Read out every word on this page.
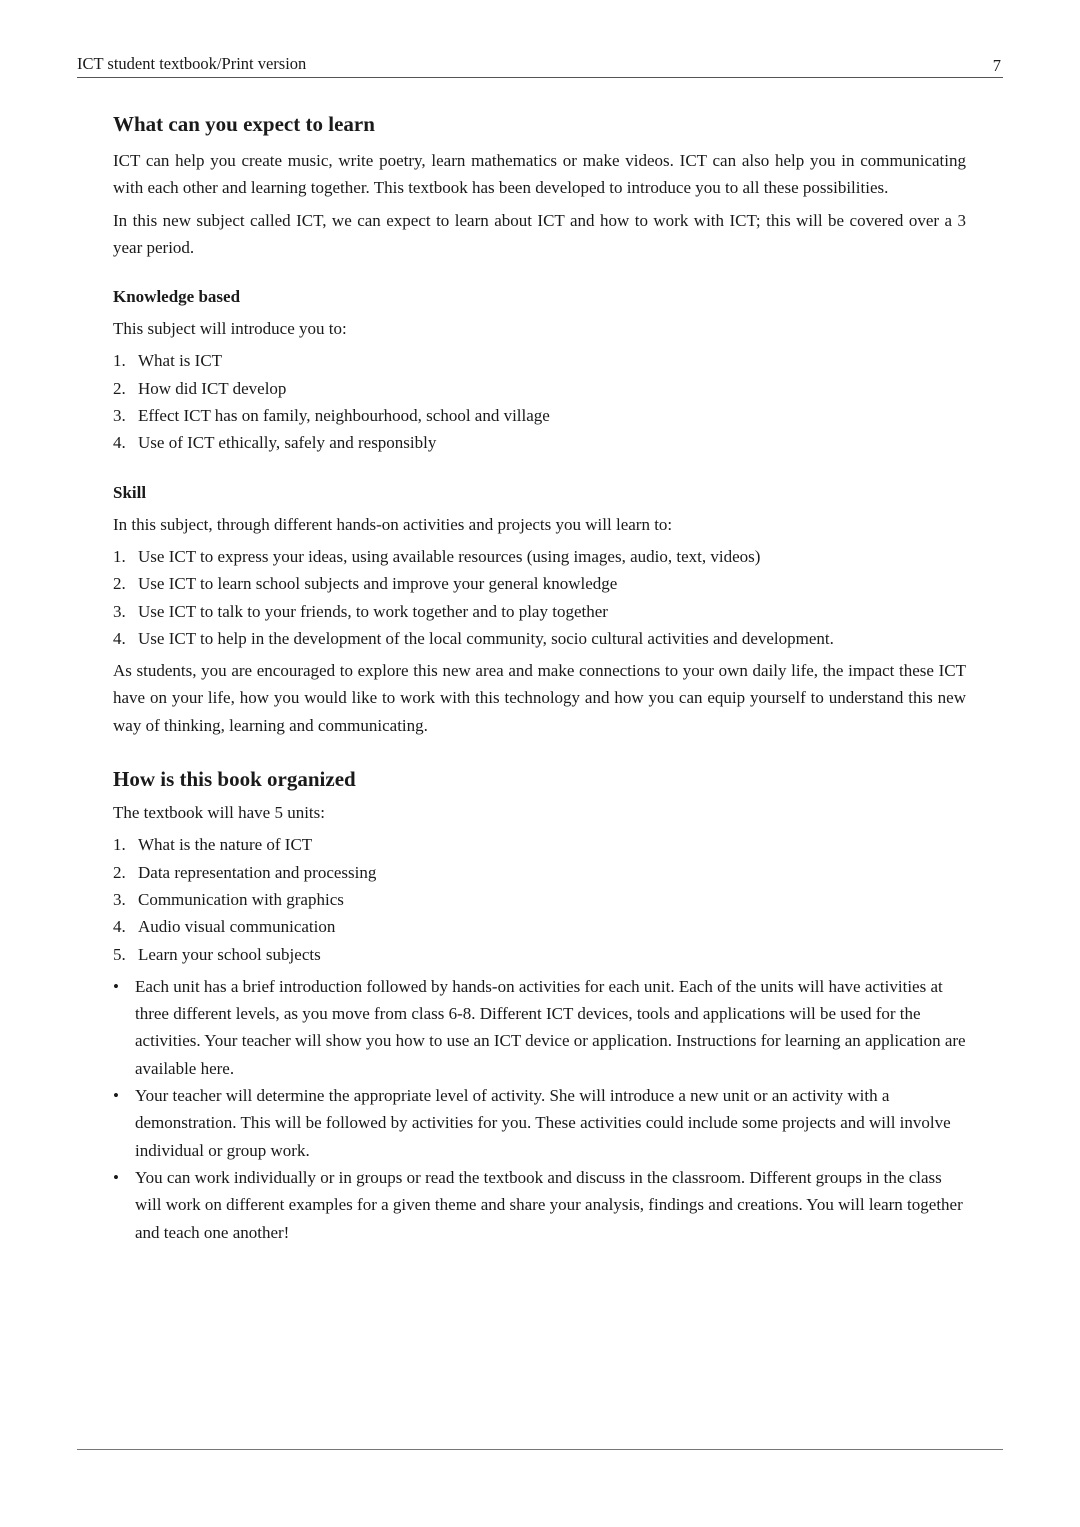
ICT student textbook/Print version	7
What can you expect to learn

ICT can help you create music, write poetry, learn mathematics or make videos. ICT can also help you in communicating with each other and learning together. This textbook has been developed to introduce you to all these possibilities.

In this new subject called ICT, we can expect to learn about ICT and how to work with ICT; this will be covered over a 3 year period.

Knowledge based

This subject will introduce you to:

1. What is ICT
2. How did ICT develop
3. Effect ICT has on family, neighbourhood, school and village
4. Use of ICT ethically, safely and responsibly
Skill

In this subject, through different hands-on activities and projects you will learn to:

1. Use ICT to express your ideas, using available resources (using images, audio, text, videos)
2. Use ICT to learn school subjects and improve your general knowledge
3. Use ICT to talk to your friends, to work together and to play together
4. Use ICT to help in the development of the local community, socio cultural activities and development.

As students, you are encouraged to explore this new area and make connections to your own daily life, the impact these ICT have on your life, how you would like to work with this technology and how you can equip yourself to understand this new way of thinking, learning and communicating.

How is this book organized

The textbook will have 5 units:

1. What is the nature of ICT
2. Data representation and processing
3. Communication with graphics
4. Audio visual communication
5. Learn your school subjects
• Each unit has a brief introduction followed by hands-on activities for each unit. Each of the units will have activities at three different levels, as you move from class 6-8. Different ICT devices, tools and applications will be used for the activities. Your teacher will show you how to use an ICT device or application. Instructions for learning an application are available here.
• Your teacher will determine the appropriate level of activity. She will introduce a new unit or an activity with a demonstration. This will be followed by activities for you. These activities could include some projects and will involve individual or group work.
• You can work individually or in groups or read the textbook and discuss in the classroom. Different groups in the class will work on different examples for a given theme and share your analysis, findings and creations. You will learn together and teach one another!
